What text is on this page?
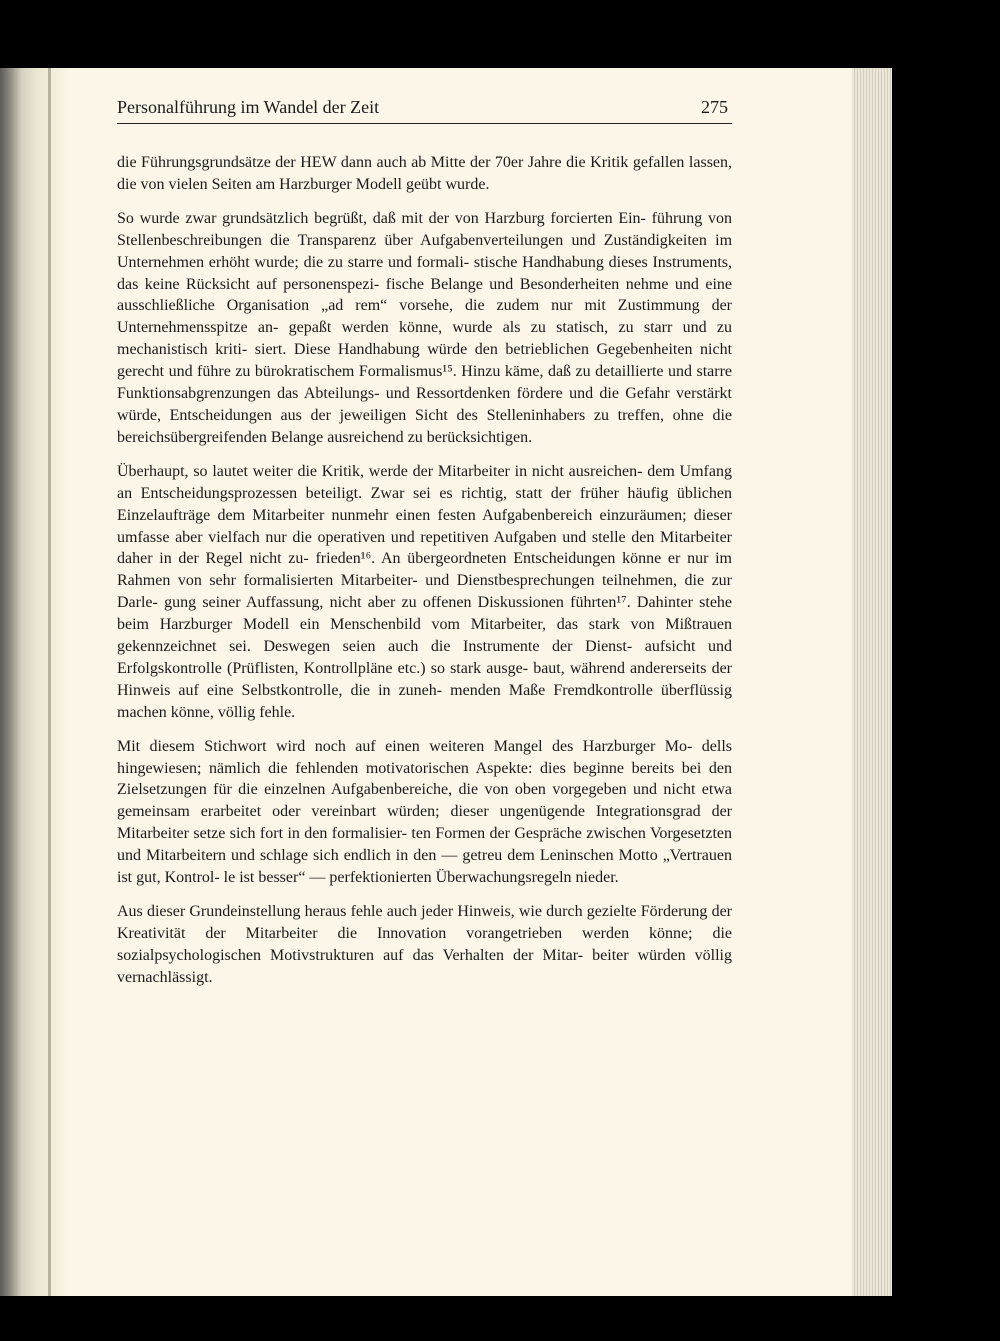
Personalführung im Wandel der Zeit	275

die Führungsgrundsätze der HEW dann auch ab Mitte der 70er Jahre die Kritik gefallen lassen, die von vielen Seiten am Harzburger Modell geübt wurde.

So wurde zwar grundsätzlich begrüßt, daß mit der von Harzburg forcierten Ein- führung von Stellenbeschreibungen die Transparenz über Aufgabenverteilungen und Zuständigkeiten im Unternehmen erhöht wurde; die zu starre und formali- stische Handhabung dieses Instruments, das keine Rücksicht auf personenspezi- fische Belange und Besonderheiten nehme und eine ausschließliche Organisation „ad rem“ vorsehe, die zudem nur mit Zustimmung der Unternehmensspitze an- gepaßt werden könne, wurde als zu statisch, zu starr und zu mechanistisch kriti- siert. Diese Handhabung würde den betrieblichen Gegebenheiten nicht gerecht und führe zu bürokratischem Formalismus¹⁵. Hinzu käme, daß zu detaillierte und starre Funktionsabgrenzungen das Abteilungs- und Ressortdenken fördere und die Gefahr verstärkt würde, Entscheidungen aus der jeweiligen Sicht des Stelleninhabers zu treffen, ohne die bereichsübergreifenden Belange ausreichend zu berücksichtigen.

Überhaupt, so lautet weiter die Kritik, werde der Mitarbeiter in nicht ausreichen- dem Umfang an Entscheidungsprozessen beteiligt. Zwar sei es richtig, statt der früher häufig üblichen Einzelaufträge dem Mitarbeiter nunmehr einen festen Aufgabenbereich einzuräumen; dieser umfasse aber vielfach nur die operativen und repetitiven Aufgaben und stelle den Mitarbeiter daher in der Regel nicht zu- frieden¹⁶. An übergeordneten Entscheidungen könne er nur im Rahmen von sehr formalisierten Mitarbeiter- und Dienstbesprechungen teilnehmen, die zur Darle- gung seiner Auffassung, nicht aber zu offenen Diskussionen führten¹⁷. Dahinter stehe beim Harzburger Modell ein Menschenbild vom Mitarbeiter, das stark von Mißtrauen gekennzeichnet sei. Deswegen seien auch die Instrumente der Dienst- aufsicht und Erfolgskontrolle (Prüflisten, Kontrollpläne etc.) so stark ausge- baut, während andererseits der Hinweis auf eine Selbstkontrolle, die in zuneh- menden Maße Fremdkontrolle überflüssig machen könne, völlig fehle.

Mit diesem Stichwort wird noch auf einen weiteren Mangel des Harzburger Mo- dells hingewiesen; nämlich die fehlenden motivatorischen Aspekte: dies beginne bereits bei den Zielsetzungen für die einzelnen Aufgabenbereiche, die von oben vorgegeben und nicht etwa gemeinsam erarbeitet oder vereinbart würden; dieser ungenügende Integrationsgrad der Mitarbeiter setze sich fort in den formalisier- ten Formen der Gespräche zwischen Vorgesetzten und Mitarbeitern und schlage sich endlich in den — getreu dem Leninschen Motto „Vertrauen ist gut, Kontrol- le ist besser“ — perfektionierten Überwachungsregeln nieder.

Aus dieser Grundeinstellung heraus fehle auch jeder Hinweis, wie durch gezielte Förderung der Kreativität der Mitarbeiter die Innovation vorangetrieben werden könne; die sozialpsychologischen Motivstrukturen auf das Verhalten der Mitar- beiter würden völlig vernachlässigt.
